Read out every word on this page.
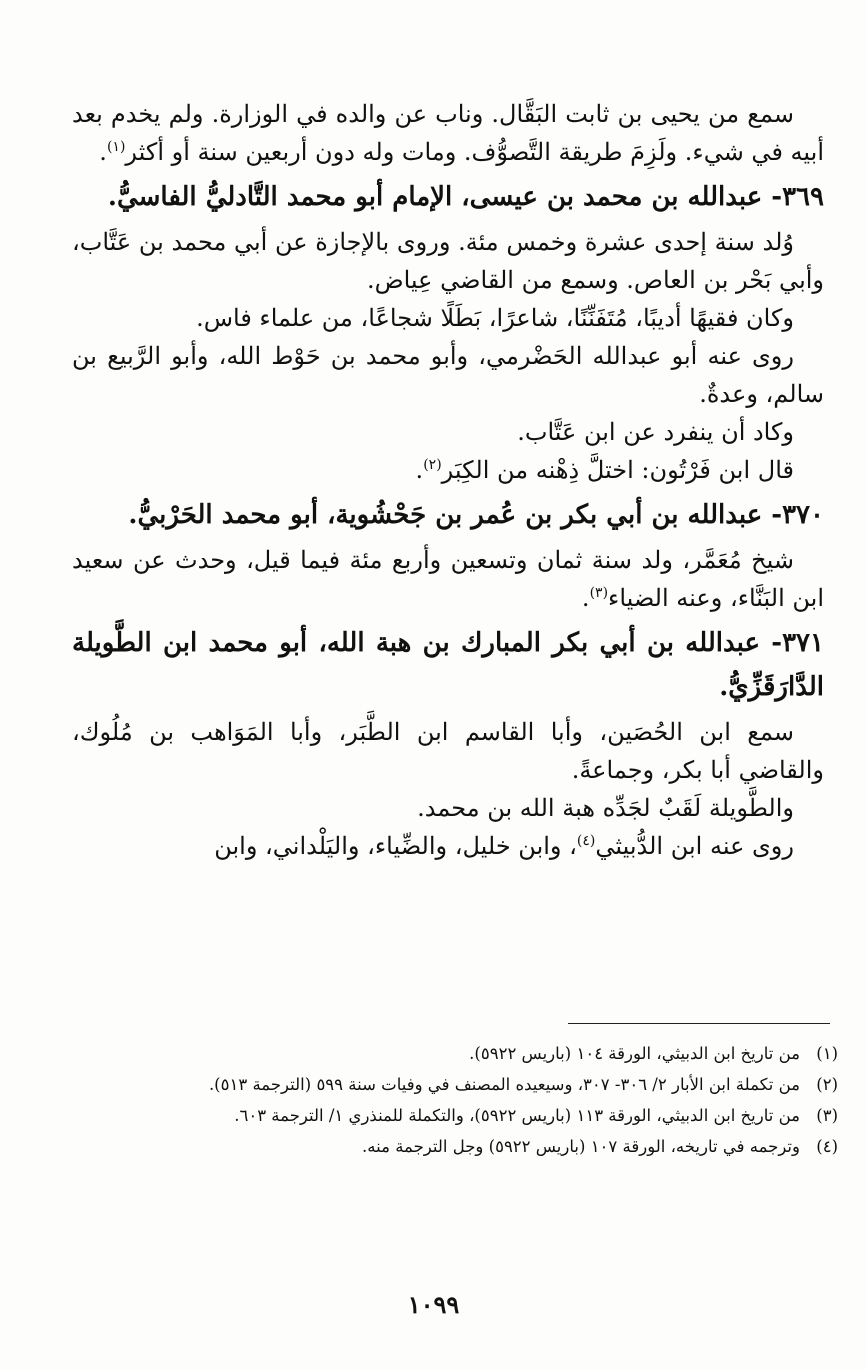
سمع من يحيى بن ثابت البَقَّال. وناب عن والده في الوزارة. ولم يخدم بعد أبيه في شيء. ولَزِمَ طريقة التَّصوُّف. ومات وله دون أربعين سنة أو أكثر$^{(١)}$.

٣٦٩- عبدالله بن محمد بن عيسى، الإمام أبو محمد التَّادليُّ الفاسيُّ.

وُلد سنة إحدى عشرة وخمس مئة. وروى بالإجازة عن أبي محمد بن عَتَّاب، وأبي بَحْر بن العاص. وسمع من القاضي عِياض.

وكان فقيهًا أديبًا، مُتَفَنِّنًا، شاعرًا، بَطَلًا شجاعًا، من علماء فاس.

روى عنه أبو عبدالله الحَضْرمي، وأبو محمد بن حَوْط الله، وأبو الرَّبيع بن سالم، وعدةٌ.

وكاد أن ينفرد عن ابن عَتَّاب.

قال ابن فَرْتُون: اختلَّ ذِهْنه من الكِبَر$^{(٢)}$.

٣٧٠- عبدالله بن أبي بكر بن عُمر بن جَحْشُوية، أبو محمد الحَرْبيُّ.

شيخ مُعَمَّر، ولد سنة ثمان وتسعين وأربع مئة فيما قيل، وحدث عن سعيد ابن البَنَّاء، وعنه الضياء$^{(٣)}$.

٣٧١- عبدالله بن أبي بكر المبارك بن هبة الله، أبو محمد ابن الطَّويلة الدَّارَقَزِّيُّ.

سمع ابن الحُصَين، وأبا القاسم ابن الطَّبَر، وأبا المَوَاهب بن مُلُوك، والقاضي أبا بكر، وجماعةً.

والطَّويلة لَقَبٌ لجَدِّه هبة الله بن محمد.

روى عنه ابن الدُّبيثي$^{(٤)}$، وابن خليل، والضِّياء، واليَلْداني، وابن

(١)
من تاريخ ابن الدبيثي، الورقة ١٠٤ (باريس ٥٩٢٢).
(٢)
من تكملة ابن الأبار ٢/ ٣٠٦- ٣٠٧، وسيعيده المصنف في وفيات سنة ٥٩٩ (الترجمة ٥١٣).
(٣)
من تاريخ ابن الدبيثي، الورقة ١١٣ (باريس ٥٩٢٢)، والتكملة للمنذري ١/ الترجمة ٦٠٣.
(٤)
وترجمه في تاريخه، الورقة ١٠٧ (باريس ٥٩٢٢) وجل الترجمة منه.
١٠٩٩
